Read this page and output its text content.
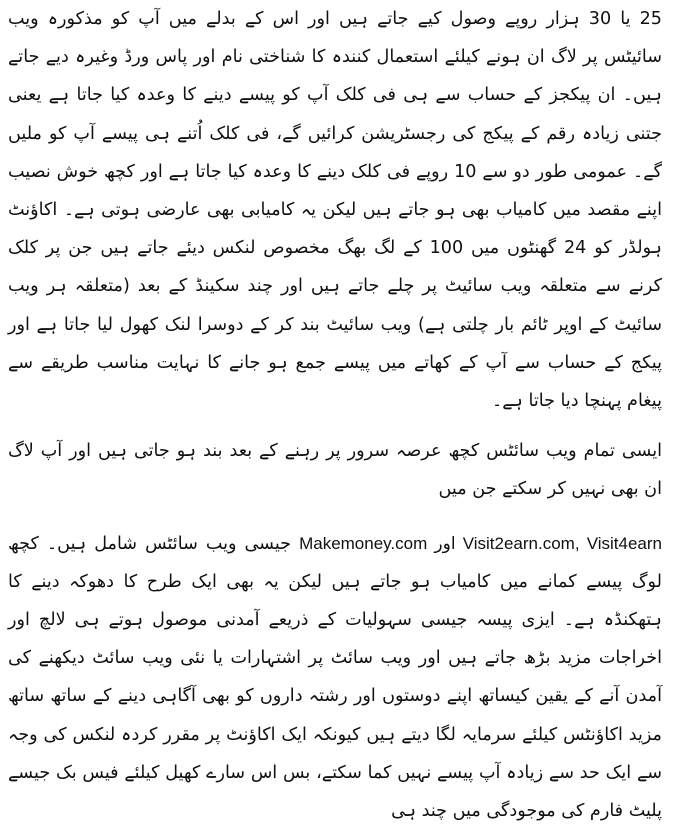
25 یا 30 ہزار روپے وصول کیے جاتے ہیں اور اس کے بدلے میں آپ کو مذکورہ ویب سائیٹس پر لاگ ان ہونے کیلئے استعمال کنندہ کا شناختی نام اور پاس ورڈ وغیرہ دیے جاتے ہیں۔ ان پیکجز کے حساب سے ہی فی کلک آپ کو پیسے دینے کا وعدہ کیا جاتا ہے یعنی جتنی زیادہ رقم کے پیکج کی رجسٹریشن کرائیں گے، فی کلک اُتنے ہی پیسے آپ کو ملیں گے۔ عمومی طور دو سے 10 روپے فی کلک دینے کا وعدہ کیا جاتا ہے اور کچھ خوش نصیب اپنے مقصد میں کامیاب بھی ہو جاتے ہیں لیکن یہ کامیابی بھی عارضی ہوتی ہے۔ اکاؤنٹ ہولڈر کو 24 گھنٹوں میں 100 کے لگ بھگ مخصوص لنکس دیئے جاتے ہیں جن پر کلک کرنے سے متعلقہ ویب سائیٹ پر چلے جاتے ہیں اور چند سکینڈ کے بعد (متعلقہ ہر ویب سائیٹ کے اوپر ٹائم بار چلتی ہے) ویب سائیٹ بند کر کے دوسرا لنک کھول لیا جاتا ہے اور پیکج کے حساب سے آپ کے کھاتے میں پیسے جمع ہو جانے کا نہایت مناسب طریقے سے پیغام پہنچا دیا جاتا ہے۔

ایسی تمام ویب سائٹس کچھ عرصہ سرور پر رہنے کے بعد بند ہو جاتی ہیں اور آپ لاگ ان بھی نہیں کر سکتے جن میں

Makemoney.com اور Visit2earn.com, Visit4earn جیسی ویب سائٹس شامل ہیں۔ کچھ لوگ پیسے کمانے میں کامیاب ہو جاتے ہیں لیکن یہ بھی ایک طرح کا دھوکہ دینے کا ہتھکنڈہ ہے۔ ایزی پیسہ جیسی سہولیات کے ذریعے آمدنی موصول ہوتے ہی لالچ اور اخراجات مزید بڑھ جاتے ہیں اور ویب سائٹ پر اشتہارات یا نئی ویب سائٹ دیکھنے کی آمدن آنے کے یقین کیساتھ اپنے دوستوں اور رشتہ داروں کو بھی آگاہی دینے کے ساتھ ساتھ مزید اکاؤنٹس کیلئے سرمایہ لگا دیتے ہیں کیونکہ ایک اکاؤنٹ پر مقرر کردہ لنکس کی وجہ سے ایک حد سے زیادہ آپ پیسے نہیں کما سکتے، بس اس سارے کھیل کیلئے فیس بک جیسے پلیٹ فارم کی موجودگی میں چند ہی
